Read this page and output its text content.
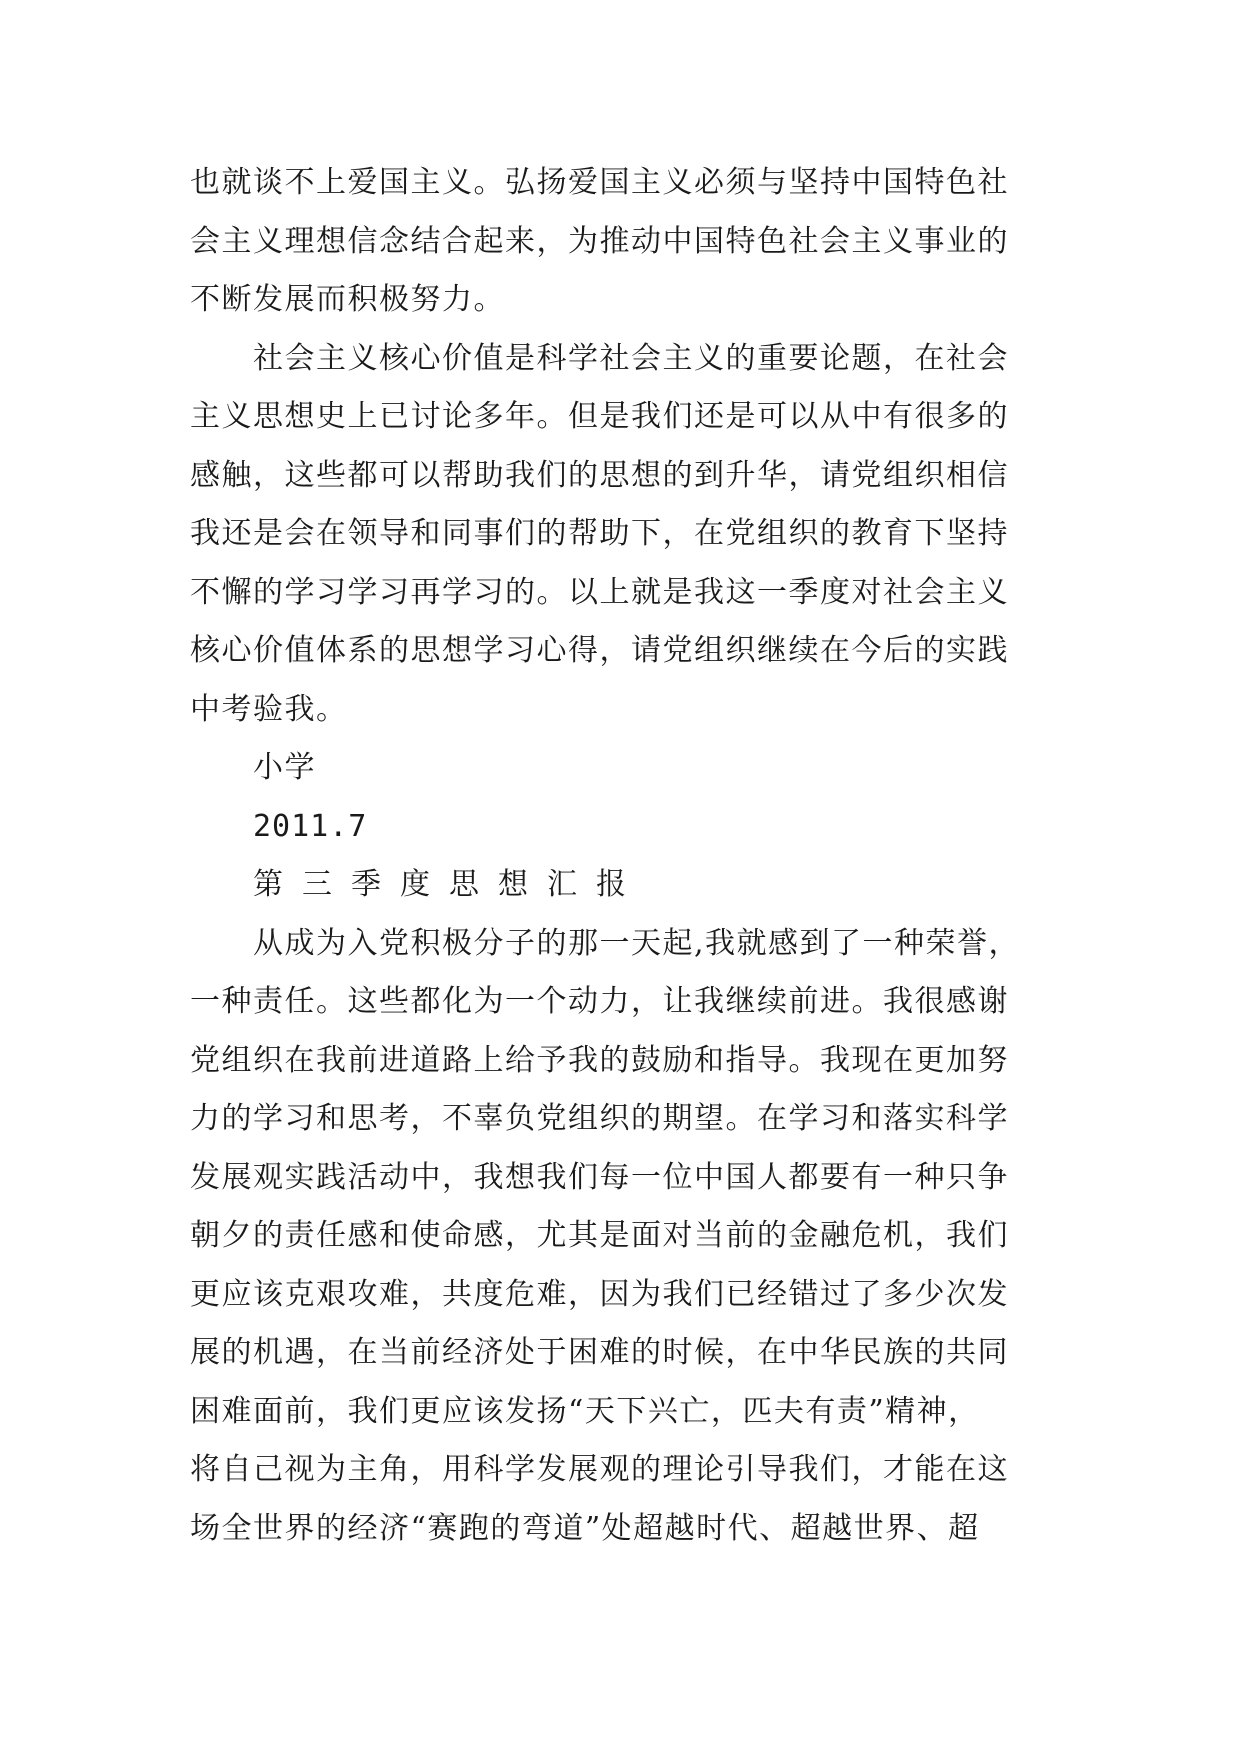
也就谈不上爱国主义。弘扬爱国主义必须与坚持中国特色社
会主义理想信念结合起来，为推动中国特色社会主义事业的
不断发展而积极努力。
社会主义核心价值是科学社会主义的重要论题，在社会
主义思想史上已讨论多年。但是我们还是可以从中有很多的
感触，这些都可以帮助我们的思想的到升华，请党组织相信
我还是会在领导和同事们的帮助下，在党组织的教育下坚持
不懈的学习学习再学习的。以上就是我这一季度对社会主义
核心价值体系的思想学习心得，请党组织继续在今后的实践
中考验我。
小学
2011.7
第三季度思想汇报
从成为入党积极分子的那一天起,我就感到了一种荣誉，
一种责任。这些都化为一个动力，让我继续前进。我很感谢
党组织在我前进道路上给予我的鼓励和指导。我现在更加努
力的学习和思考，不辜负党组织的期望。在学习和落实科学
发展观实践活动中，我想我们每一位中国人都要有一种只争
朝夕的责任感和使命感，尤其是面对当前的金融危机，我们
更应该克艰攻难，共度危难，因为我们已经错过了多少次发
展的机遇，在当前经济处于困难的时候，在中华民族的共同
困难面前，我们更应该发扬“天下兴亡，匹夫有责”精神，
将自己视为主角，用科学发展观的理论引导我们，才能在这
场全世界的经济“赛跑的弯道”处超越时代、超越世界、超
